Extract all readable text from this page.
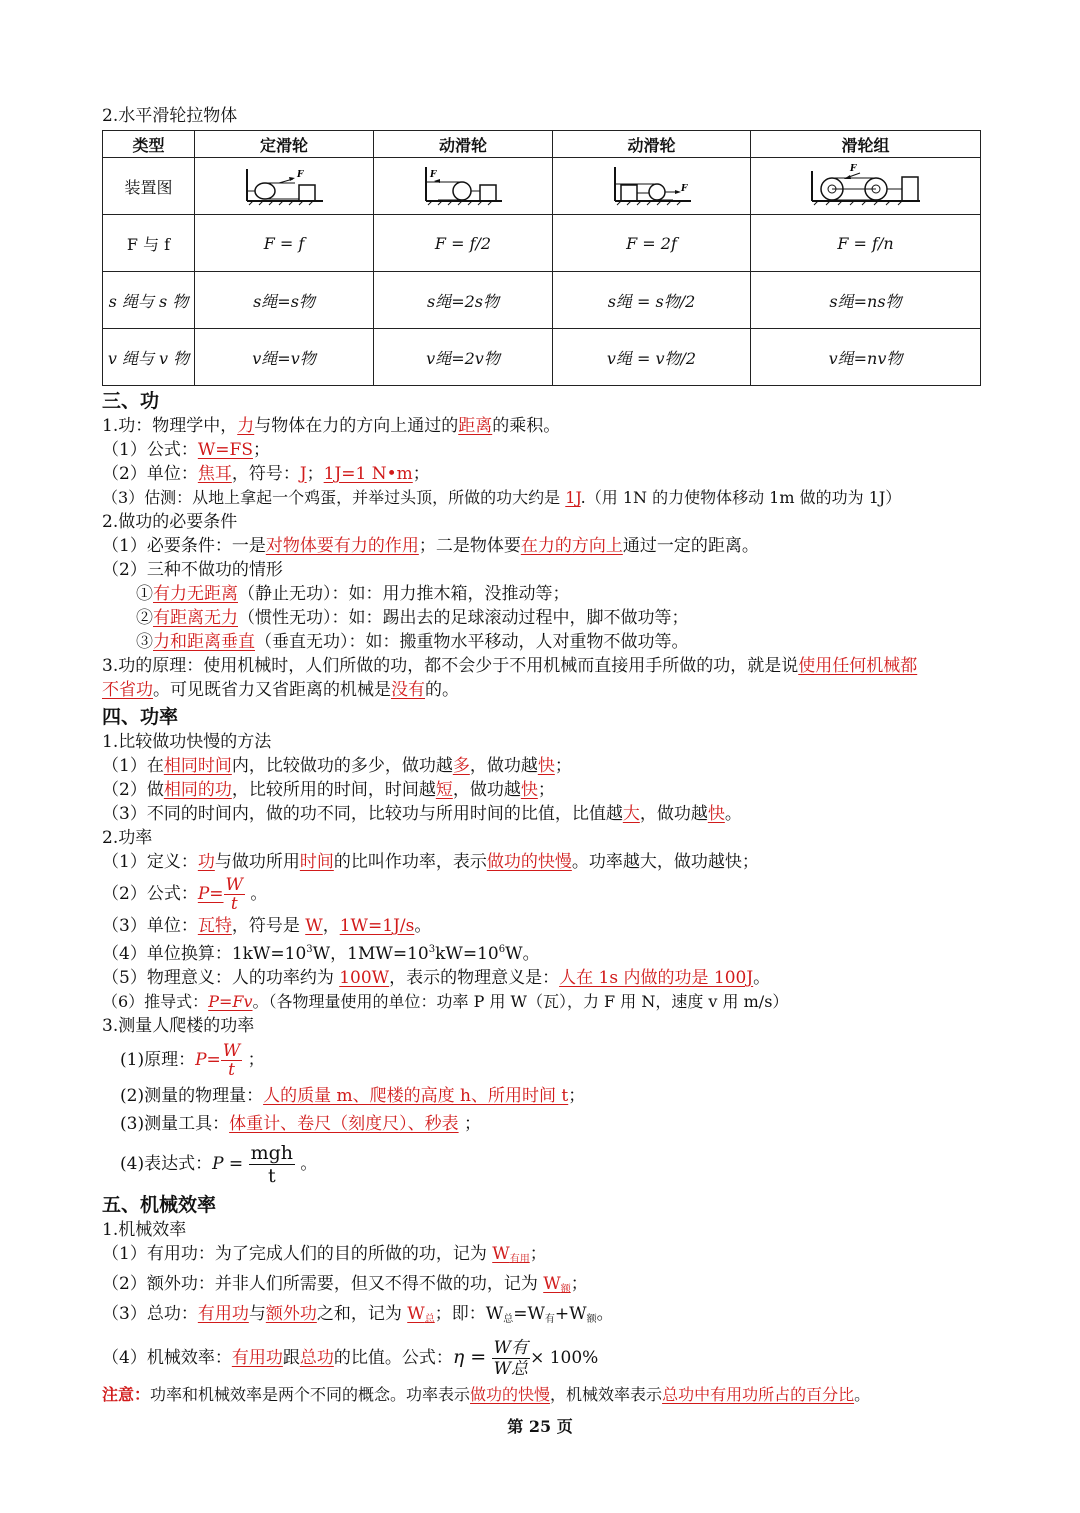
2.水平滑轮拉物体
类型	定滑轮	动滑轮	动滑轮	滑轮组
装置图	F	F	F	F

F 与 f	F = f	F = f/2	F = 2f	F = f/n
s 绳与 s 物	s绳=s物	s绳=2s物	s绳 = s物/2	s绳=ns物
v 绳与 v 物	v绳=v物	v绳=2v物	v绳 = v物/2	v绳=nv物
三、功
1.功：物理学中，力与物体在力的方向上通过的距离的乘积。
（1）公式：W=FS；
（2）单位：焦耳，符号：J；1J=1 N•m；
（3）估测：从地上拿起一个鸡蛋，并举过头顶，所做的功大约是 1J.（用 1N 的力使物体移动 1m 做的功为 1J）
2.做功的必要条件
（1）必要条件：一是对物体要有力的作用；二是物体要在力的方向上通过一定的距离。
（2）三种不做功的情形
①有力无距离（静止无功）：如：用力推木箱，没推动等；
②有距离无力（惯性无功）：如：踢出去的足球滚动过程中，脚不做功等；
③力和距离垂直（垂直无功）：如：搬重物水平移动，人对重物不做功等。
3.功的原理：使用机械时，人们所做的功，都不会少于不用机械而直接用手所做的功，就是说使用任何机械都
不省功。可见既省力又省距离的机械是没有的。
四、功率
1.比较做功快慢的方法
（1）在相同时间内，比较做功的多少，做功越多，做功越快；
（2）做相同的功，比较所用的时间，时间越短，做功越快；
（3）不同的时间内，做的功不同，比较功与所用时间的比值，比值越大，做功越快。
2.功率
（1）定义：功与做功所用时间的比叫作功率，表示做功的快慢。功率越大，做功越快；
（2）公式：$P= \frac{W}{t}$ 。
（3）单位：瓦特，符号是 W，1W=1J/s。
（4）单位换算：$1kW=10^3W$，$1MW=10^3kW=10^6W$。
（5）物理意义：人的功率约为 100W，表示的物理意义是：人在 1s 内做的功是 100J。
（6）推导式：P=Fv。（各物理量使用的单位：功率 P 用 W（瓦），力 F 用 N，速度 v 用 m/s）
3.测量人爬楼的功率
(1)原理：$P= \frac{W}{t}$ ；
(2)测量的物理量：人的质量 m、爬楼的高度 h、所用时间 t；
(3)测量工具：体重计、卷尺（刻度尺）、秒表 ；
(4)表达式：$P = \frac{\text{mgh}}{t}$ 。
五、机械效率
1.机械效率
（1）有用功：为了完成人们的目的所做的功，记为 $W_{有用}$；
（2）额外功：并非人们所需要，但又不得不做的功，记为 $W_额$；
（3）总功：有用功与额外功之和，记为 $W_总$；即：$W_总=W_有+W_额$。
（4）机械效率：有用功跟总功的比值。公式：$\eta = \frac{\text{W有}}{\text{W总}} \times 100\%$
注意：功率和机械效率是两个不同的概念。功率表示做功的快慢，机械效率表示总功中有用功所占的百分比。
第 25 页
